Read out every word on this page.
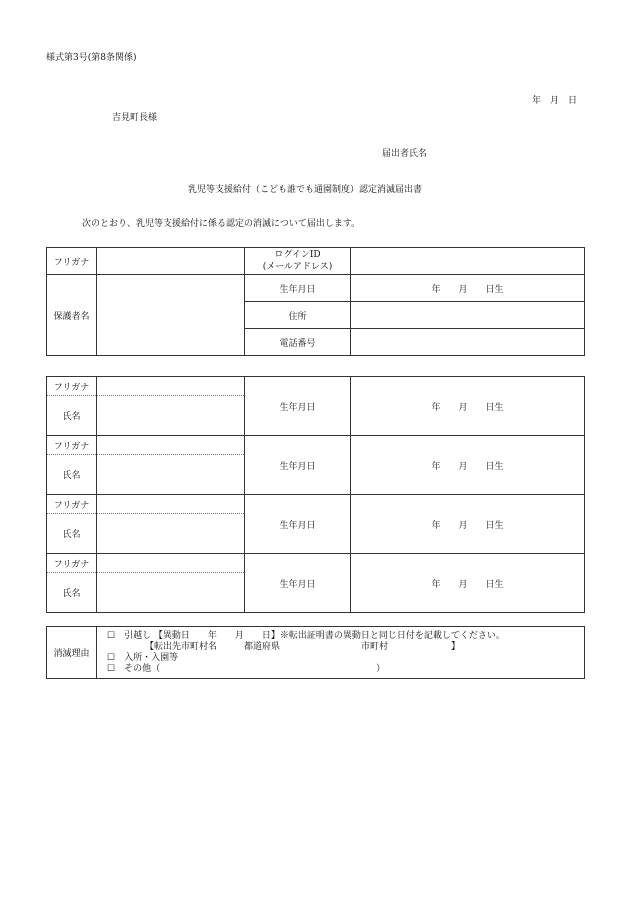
様式第3号(第8条関係)
年　月　日
吉見町長様
届出者氏名
乳児等支援給付（こども誰でも通園制度）認定消滅届出書
次のとおり、乳児等支援給付に係る認定の消滅について届出します。
フリガナ		ログインID
(メールアドレス)	

保護者名		生年月日	年　　月　　日生
		住所	
		電話番号	
フリガナ		生年月日	年　　月　　日生
氏名			
フリガナ		生年月日	年　　月　　日生
氏名			
フリガナ		生年月日	年　　月　　日生
氏名			
フリガナ		生年月日	年　　月　　日生
氏名			
消滅理由	
☐　引越し 【異動日　　年　　月　　日】※転出証明書の異動日と同じ日付を記載してください。
【転出先市町村名　　　都道府県　　　　　　　　　市町村　　　　　　　】
☐　入所・入園等
☐　その他（　　　　　　　　　　　　　　　　　　　　　　　　）
